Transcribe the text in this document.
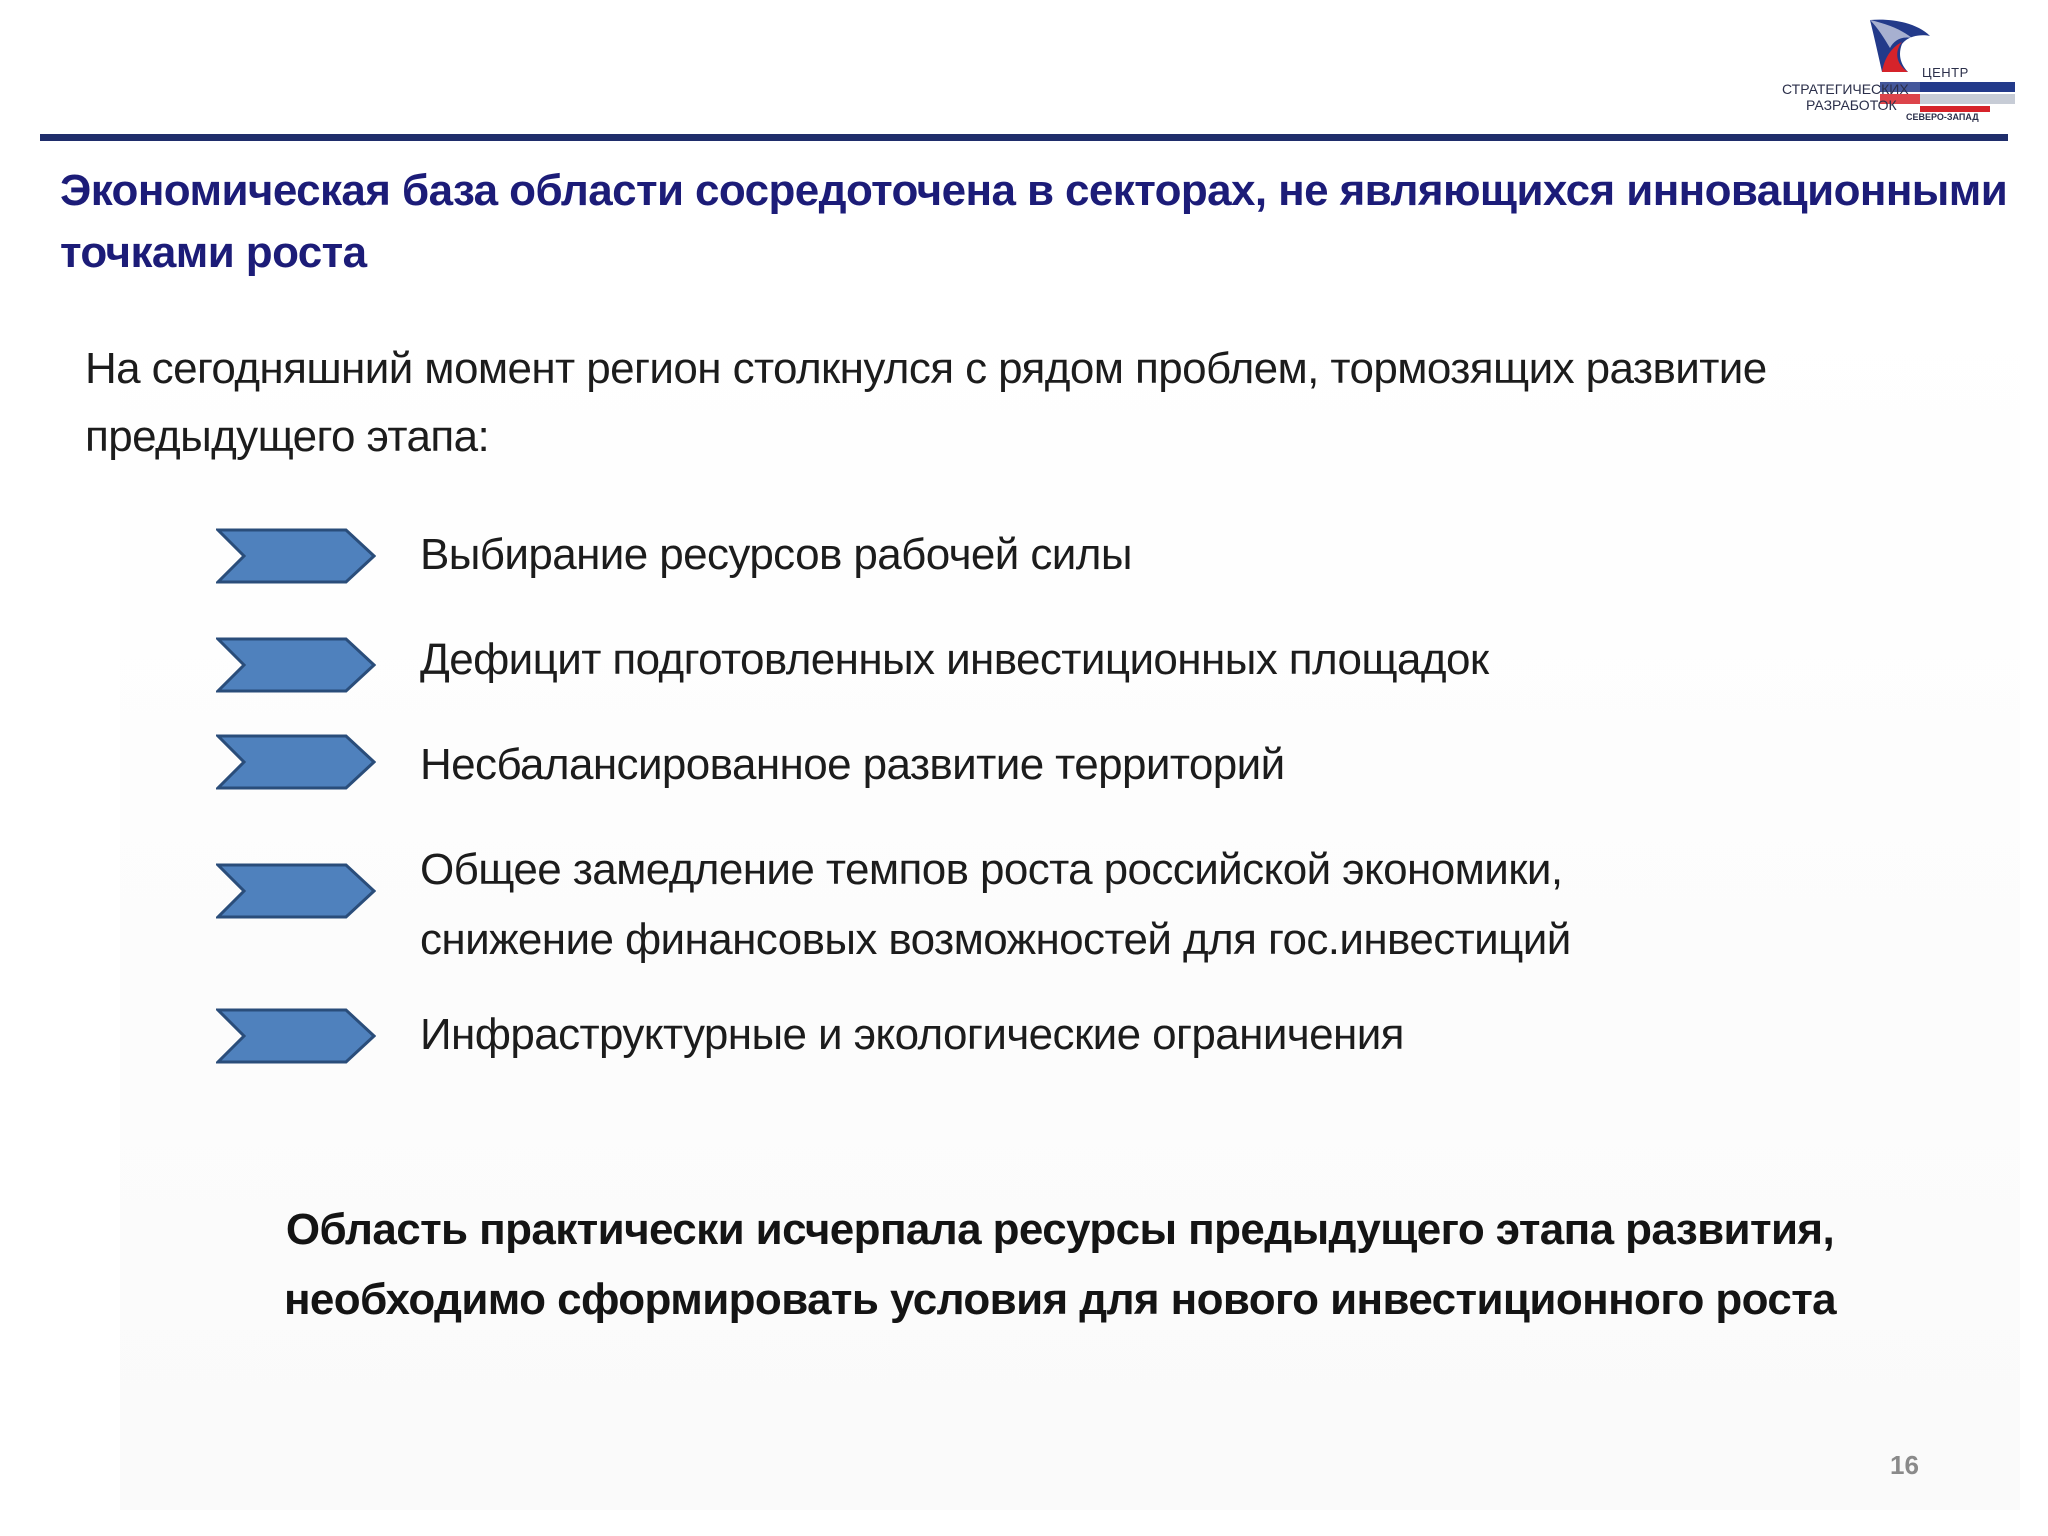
ЦЕНТР
СТРАТЕГИЧЕСКИХ
РАЗРАБОТОК
СЕВЕРО-ЗАПАД
Экономическая база области сосредоточена в секторах, не являющихся инновационными точками роста

На сегодняшний момент регион столкнулся с рядом проблем, тормозящих развитие предыдущего этапа:

Выбирание ресурсов рабочей силы
Дефицит подготовленных инвестиционных площадок
Несбалансированное развитие территорий
Общее замедление темпов роста российской экономики, снижение финансовых возможностей для гос.инвестиций
Инфраструктурные и экологические ограничения

Область практически исчерпала ресурсы предыдущего этапа развития, необходимо сформировать условия для нового инвестиционного роста

16
